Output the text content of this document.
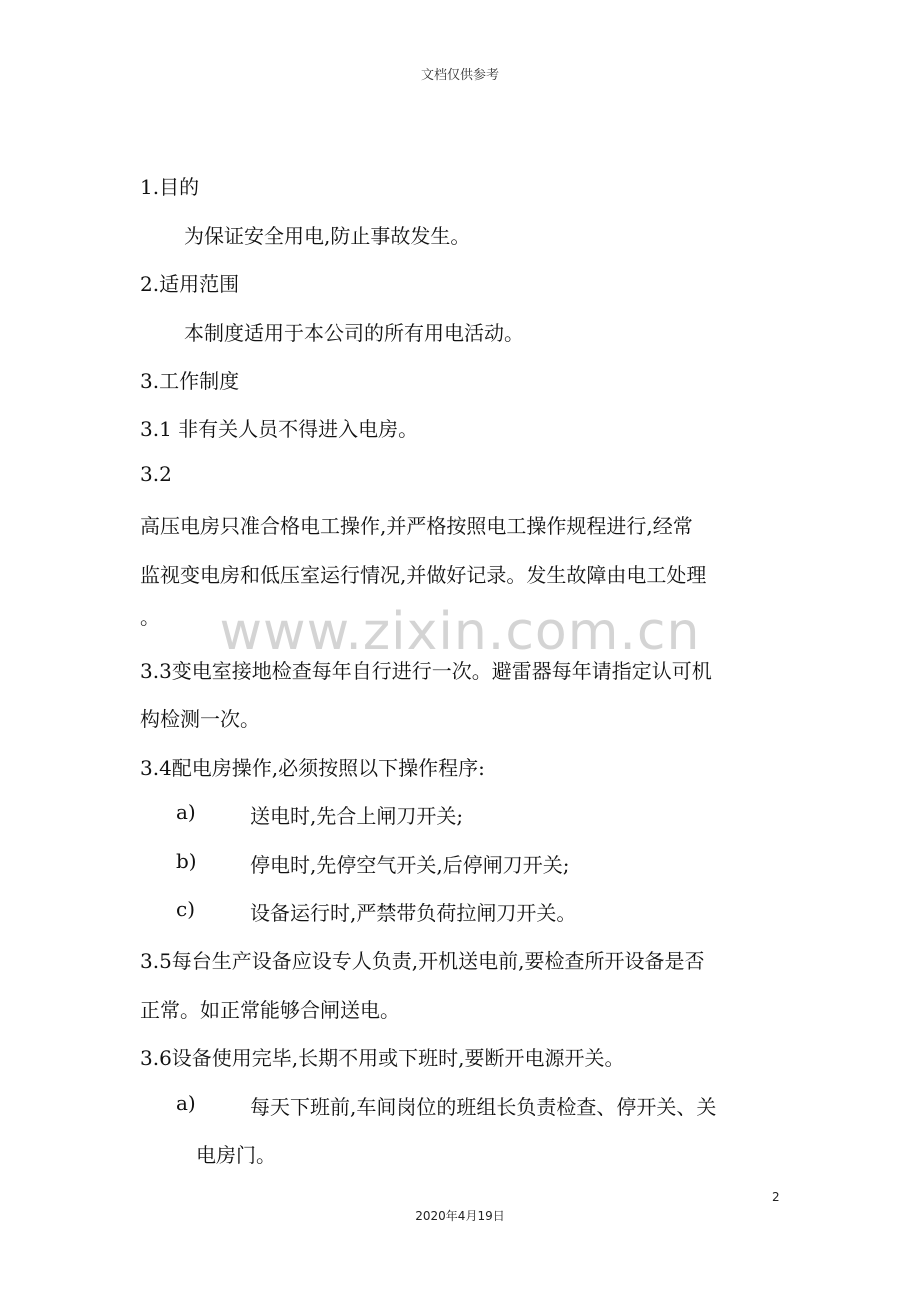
文档仅供参考
www.zixin.com.cn
1.目的
为保证安全用电,防止事故发生。
2.适用范围
本制度适用于本公司的所有用电活动。
3.工作制度
3.1 非有关人员不得进入电房。
3.2
高压电房只准合格电工操作,并严格按照电工操作规程进行,经常
监视变电房和低压室运行情况,并做好记录。发生故障由电工处理
。
3.3变电室接地检查每年自行进行一次。避雷器每年请指定认可机
构检测一次。
3.4配电房操作,必须按照以下操作程序:
a)	送电时,先合上闸刀开关;
b)	停电时,先停空气开关,后停闸刀开关;
c)	设备运行时,严禁带负荷拉闸刀开关。
3.5每台生产设备应设专人负责,开机送电前,要检查所开设备是否
正常。如正常能够合闸送电。
3.6设备使用完毕,长期不用或下班时,要断开电源开关。
a)	每天下班前,车间岗位的班组长负责检查、停开关、关
电房门。
2
2020年4月19日
